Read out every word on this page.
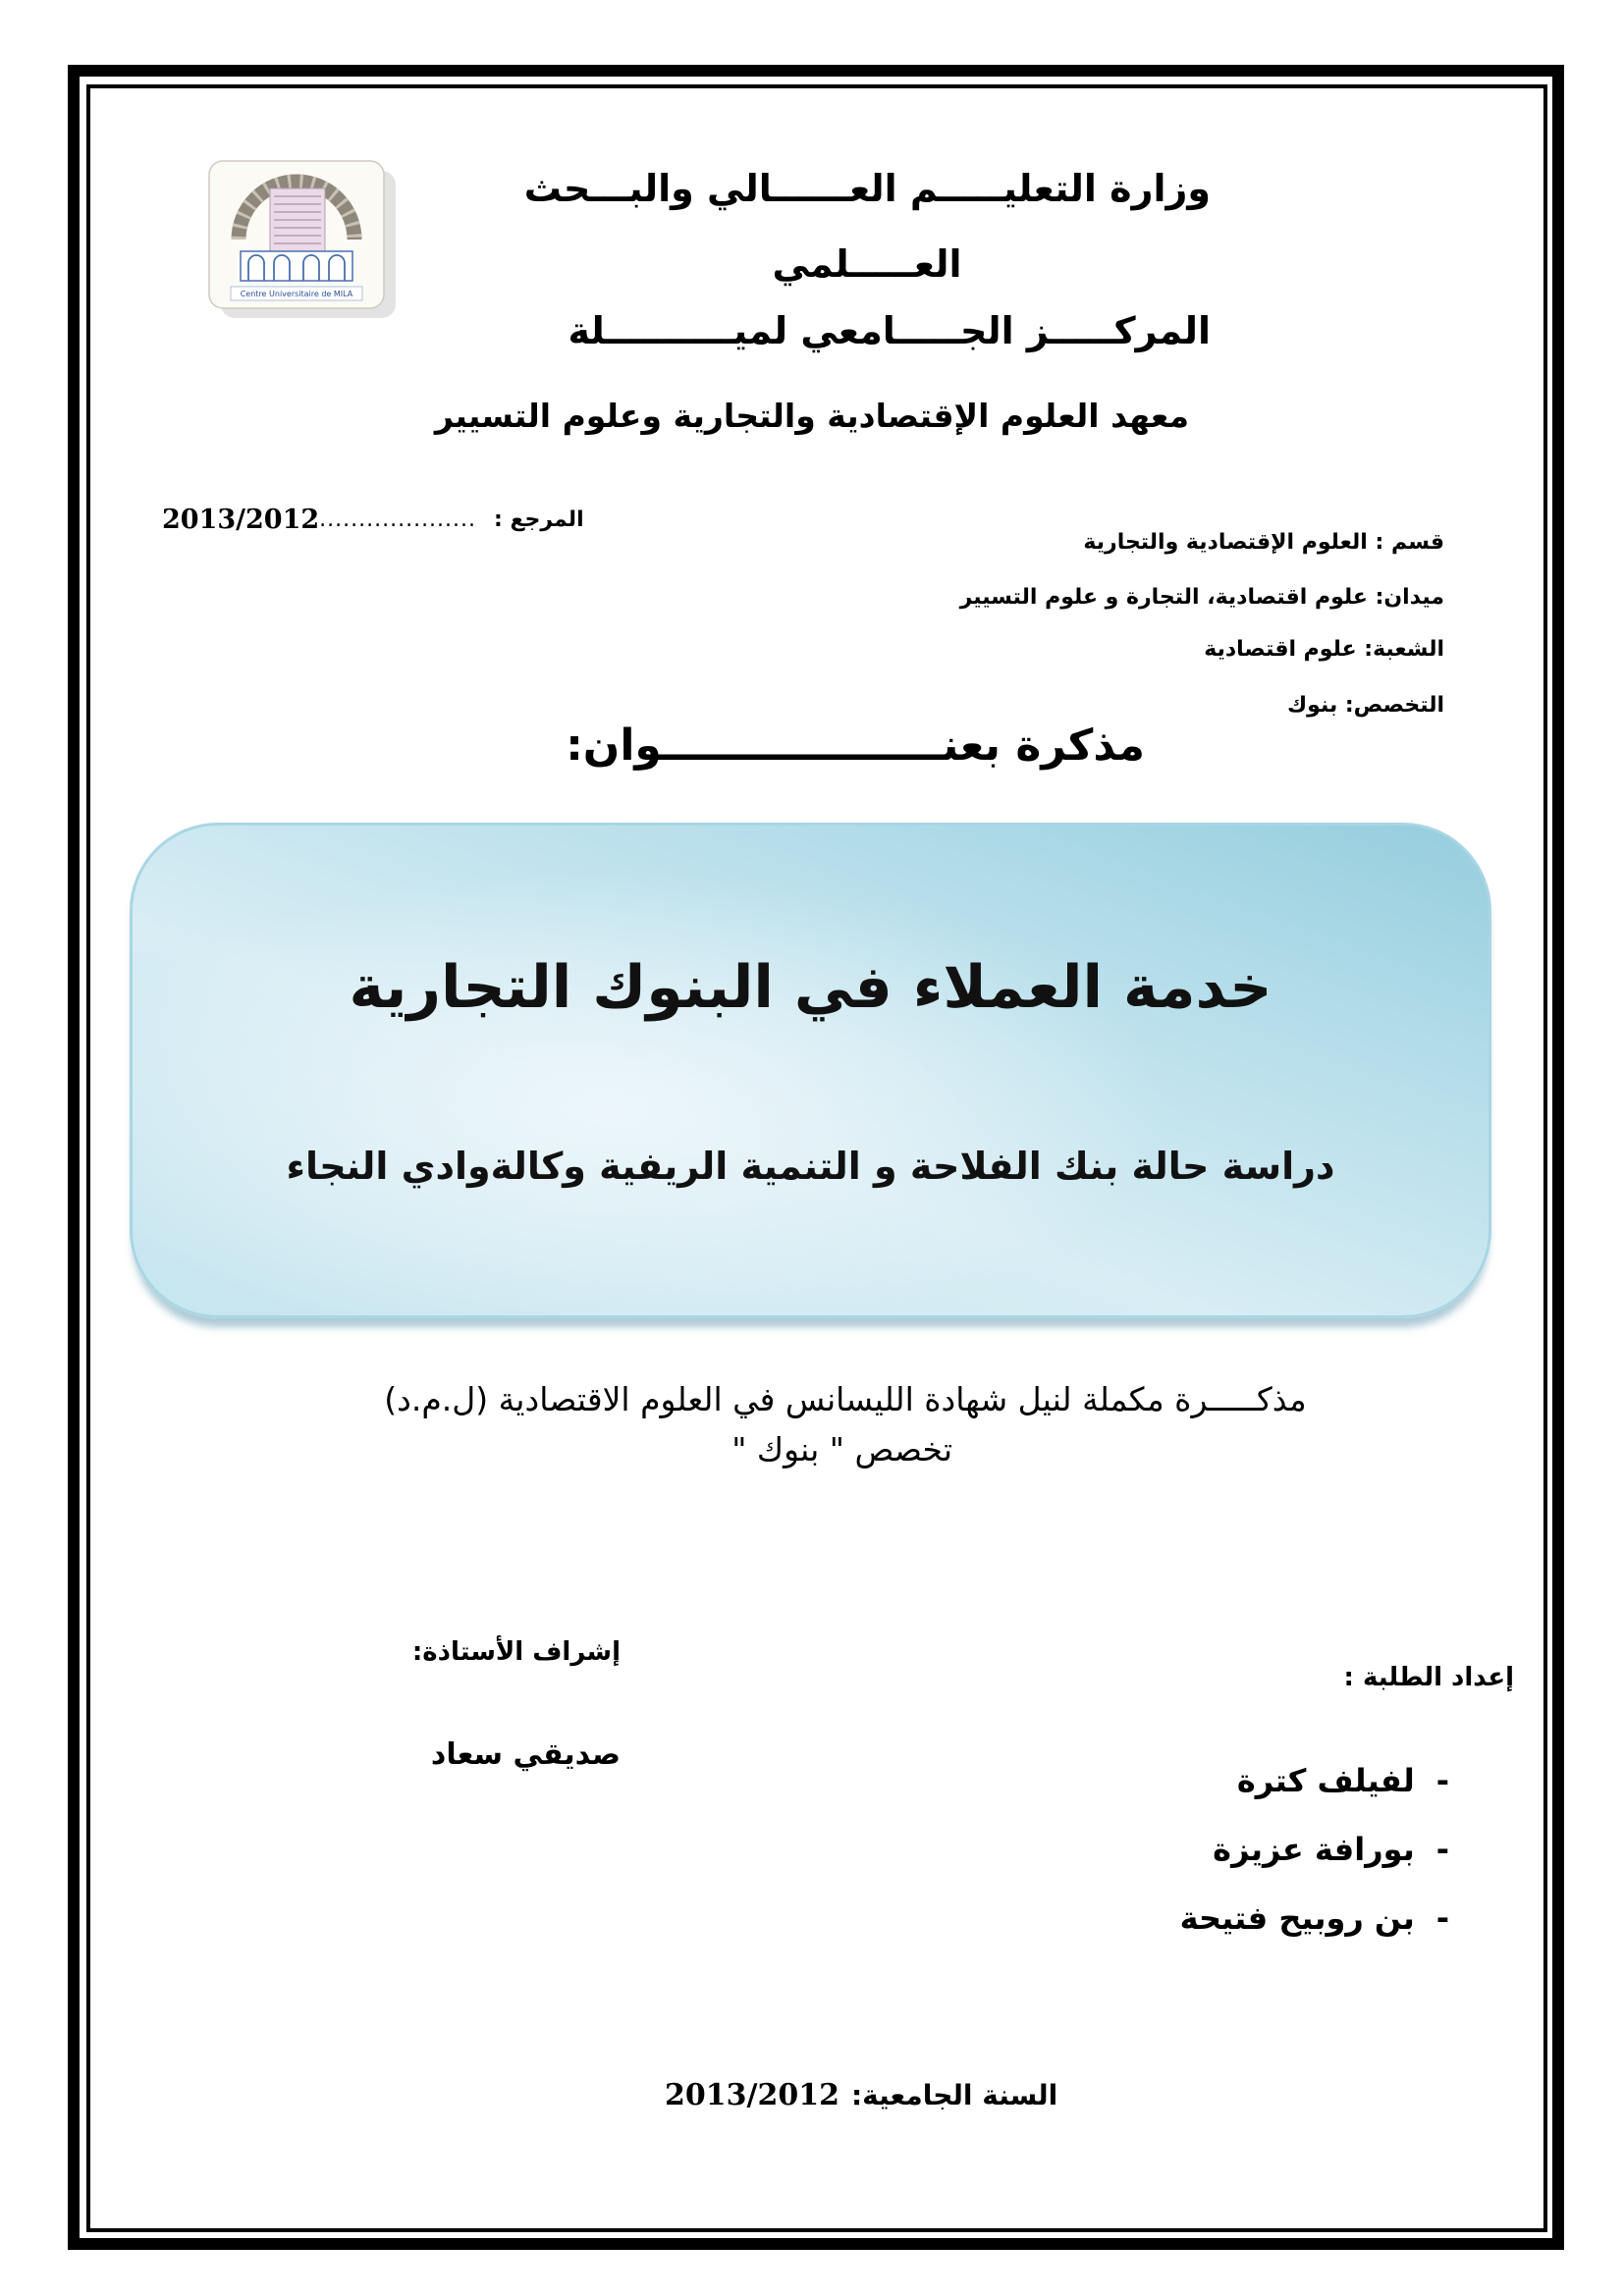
Centre Universitaire de MILA
وزارة التعليـــــم العــــــالي والبـــحث
العـــــلمي
المركـــــز الجـــــامعي لميــــــــــلة
معهد العلوم الإقتصادية والتجارية وعلوم التسيير
2013/2012 .................... المرجع :
قسم : العلوم الإقتصادية والتجارية
ميدان: علوم اقتصادية، التجارة و علوم التسيير
الشعبة: علوم اقتصادية
التخصص: بنوك
مذكرة بعنـــــــــــــــــــوان:
خدمة العملاء في البنوك التجارية
دراسة حالة بنك الفلاحة و التنمية الريفية وكالةوادي النجاء
مذكـــــرة مكملة لنيل شهادة الليسانس في العلوم الاقتصادية (ل.م.د)
تخصص " بنوك "
إشراف الأستاذة:
صديقي سعاد
إعداد الطلبة :
-
لفيلف كترة
-
بورافة عزيزة
-
بن روبيح فتيحة
2013/2012 السنة الجامعية:
